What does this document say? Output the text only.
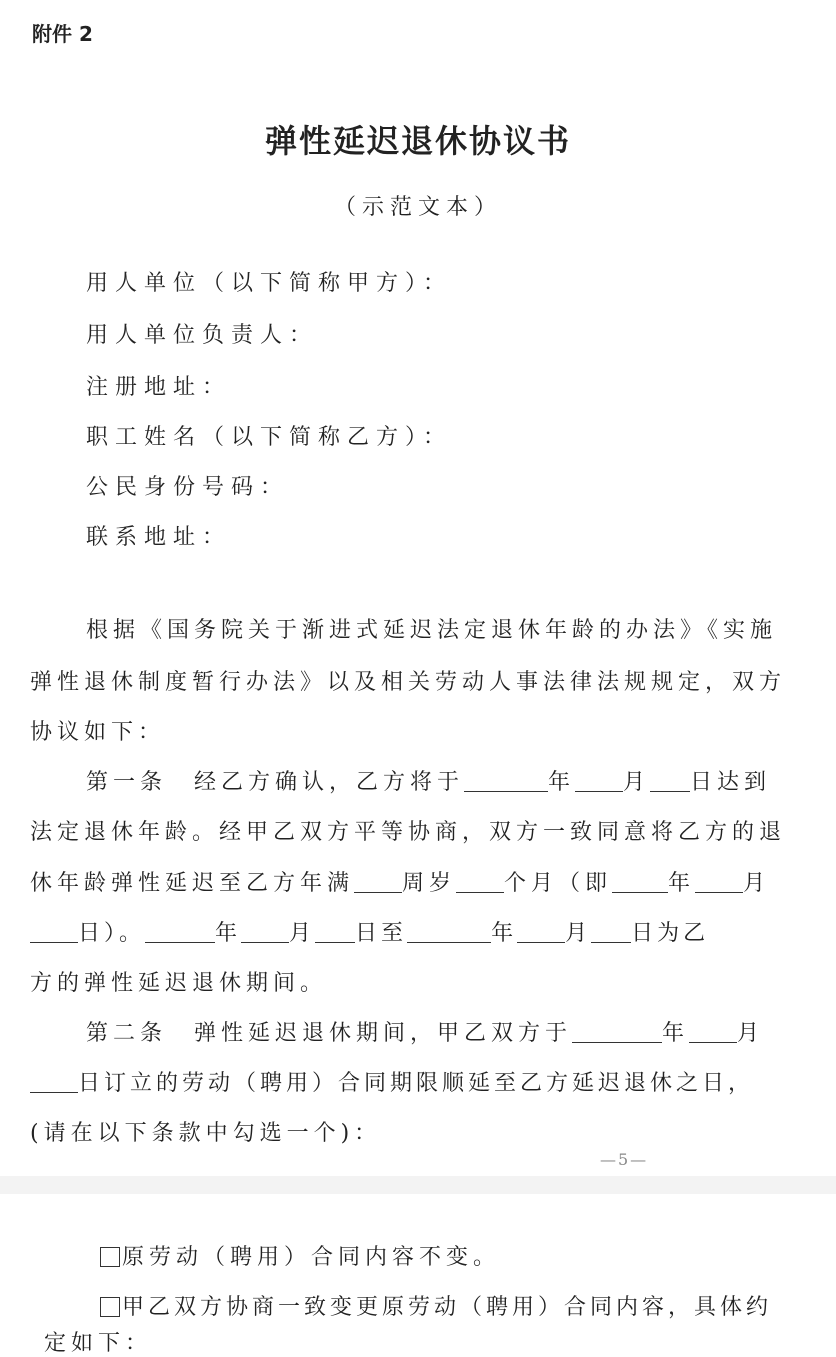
附件 2
弹性延迟退休协议书
（示范文本）
用人单位（以下简称甲方）：
用人单位负责人：
注册地址：
职工姓名（以下简称乙方）：
公民身份号码：
联系地址：
根据《国务院关于渐进式延迟法定退休年龄的办法》《实施
弹性退休制度暂行办法》以及相关劳动人事法律法规规定，双方
协议如下：
第一条　经乙方确认，乙方将于	年 月 日达到
法定退休年龄。经甲乙双方平等协商，双方一致同意将乙方的退
休年龄弹性延迟至乙方年满 周岁 个月（即	年 月
日）。	年 月 日至	年 月 日为乙
方的弹性延迟退休期间。
第二条　弹性延迟退休期间，甲乙双方于	年 月
日订立的劳动（聘用）合同期限顺延至乙方延迟退休之日，
(请在以下条款中勾选一个)：
—5—
原劳动（聘用）合同内容不变。
甲乙双方协商一致变更原劳动（聘用）合同内容，具体约
定如下：
